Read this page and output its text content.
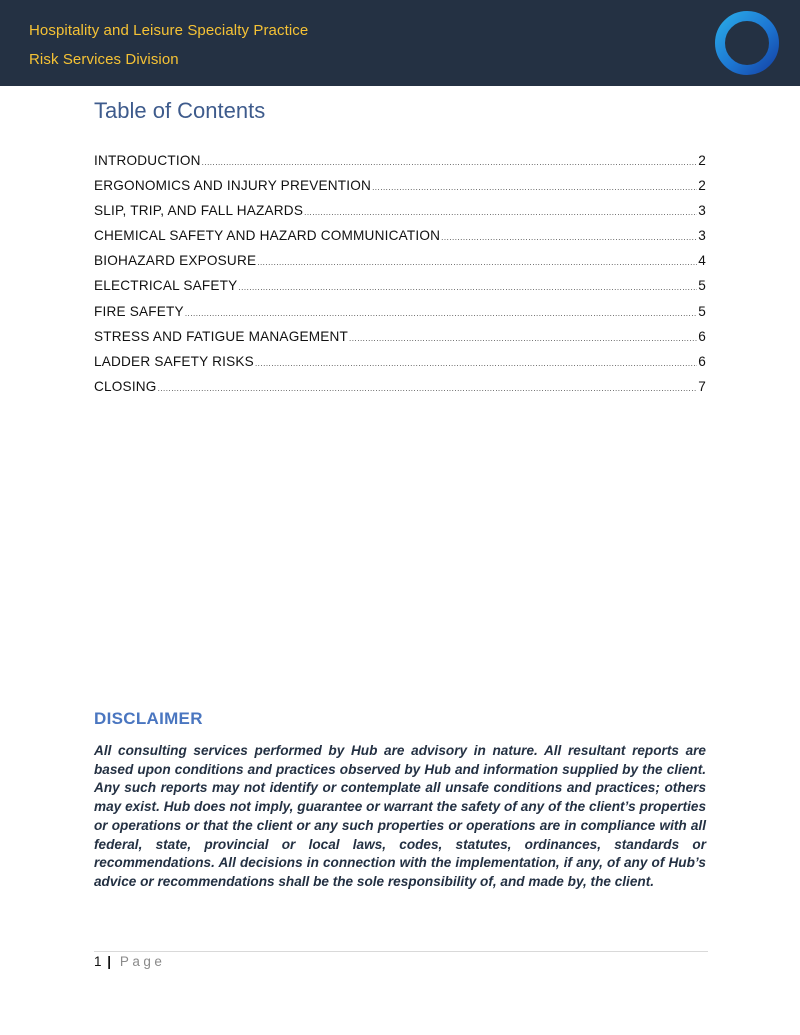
Hospitality and Leisure Specialty Practice
Risk Services Division
Table of Contents
INTRODUCTION .....	2
ERGONOMICS AND INJURY PREVENTION .....	2
SLIP, TRIP, AND FALL HAZARDS .....	3
CHEMICAL SAFETY AND HAZARD COMMUNICATION .....	3
BIOHAZARD EXPOSURE .....	4
ELECTRICAL SAFETY .....	5
FIRE SAFETY .....	5
STRESS AND FATIGUE MANAGEMENT .....	6
LADDER SAFETY RISKS .....	6
CLOSING .....	7
DISCLAIMER
All consulting services performed by Hub are advisory in nature. All resultant reports are based upon conditions and practices observed by Hub and information supplied by the client. Any such reports may not identify or contemplate all unsafe conditions and practices; others may exist. Hub does not imply, guarantee or warrant the safety of any of the client’s properties or operations or that the client or any such properties or operations are in compliance with all federal, state, provincial or local laws, codes, statutes, ordinances, standards or recommendations. All decisions in connection with the implementation, if any, of any of Hub’s advice or recommendations shall be the sole responsibility of, and made by, the client.
1 | Page
